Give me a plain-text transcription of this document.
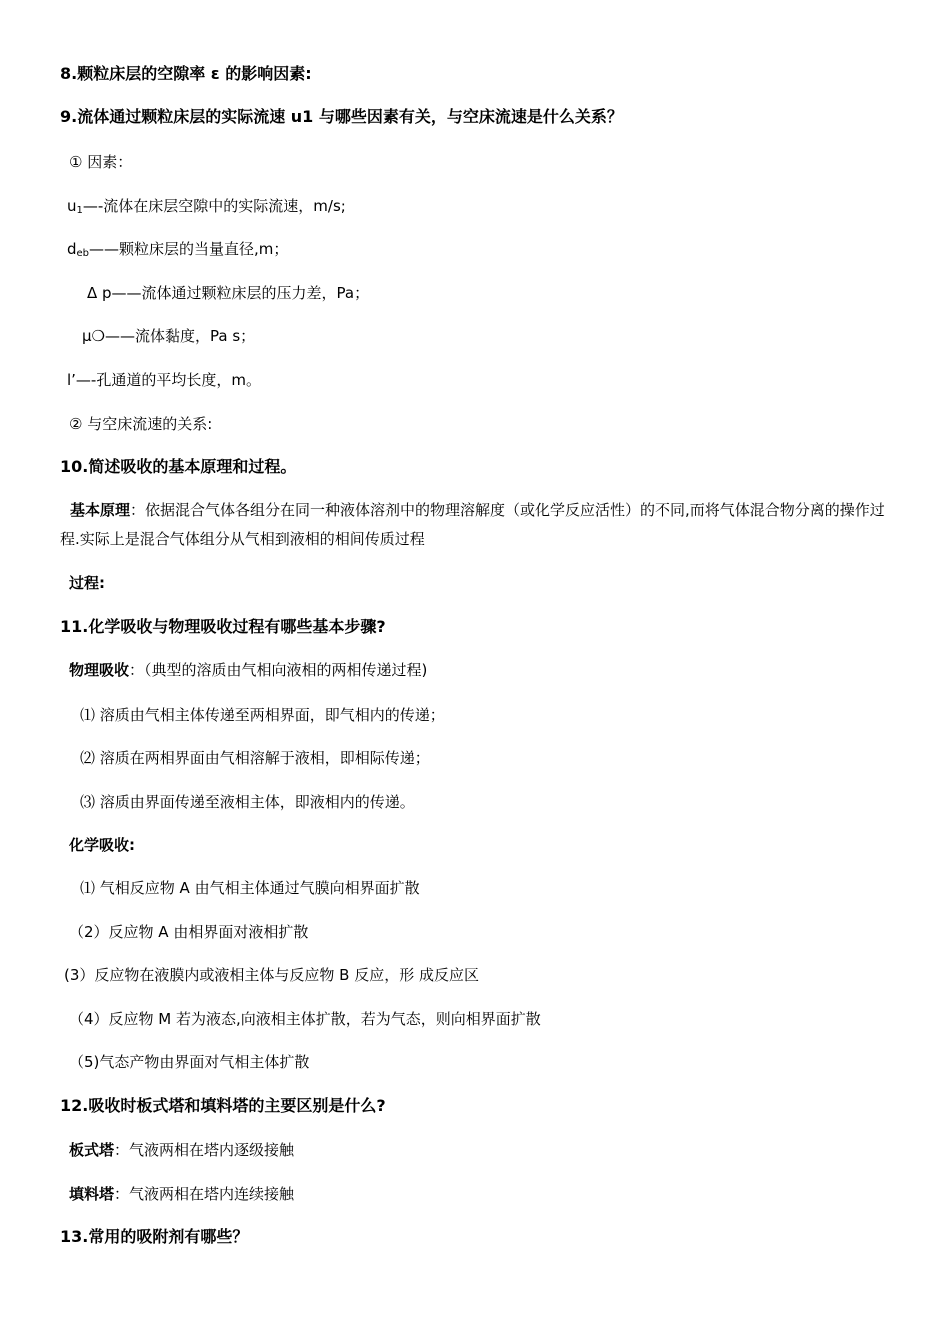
8.颗粒床层的空隙率 ε 的影响因素:
9.流体通过颗粒床层的实际流速 u1 与哪些因素有关，与空床流速是什么关系？
① 因素：
$u_1—-$流体在床层空隙中的实际流速，m/s;
$d_{eb}——$颗粒床层的当量直径,m；
Δ p——流体通过颗粒床层的压力差，Pa；
μ❍——流体黏度，Pa s；
l’—-孔通道的平均长度，m。
② 与空床流速的关系:
10.简述吸收的基本原理和过程。
基本原理：依据混合气体各组分在同一种液体溶剂中的物理溶解度（或化学反应活性）的不同,而将气体混合物分离的操作过程.实际上是混合气体组分从气相到液相的相间传质过程
过程:
11.化学吸收与物理吸收过程有哪些基本步骤?
物理吸收：（典型的溶质由气相向液相的两相传递过程)
⑴ 溶质由气相主体传递至两相界面，即气相内的传递；
⑵ 溶质在两相界面由气相溶解于液相，即相际传递；
⑶ 溶质由界面传递至液相主体，即液相内的传递。
化学吸收:
⑴ 气相反应物 A 由气相主体通过气膜向相界面扩散
（2）反应物 A 由相界面对液相扩散
(3）反应物在液膜内或液相主体与反应物 B 反应，形 成反应区
（4）反应物 M 若为液态,向液相主体扩散，若为气态，则向相界面扩散
（5)气态产物由界面对气相主体扩散
12.吸收时板式塔和填料塔的主要区别是什么?
板式塔：气液两相在塔内逐级接触
填料塔：气液两相在塔内连续接触
13.常用的吸附剂有哪些？
